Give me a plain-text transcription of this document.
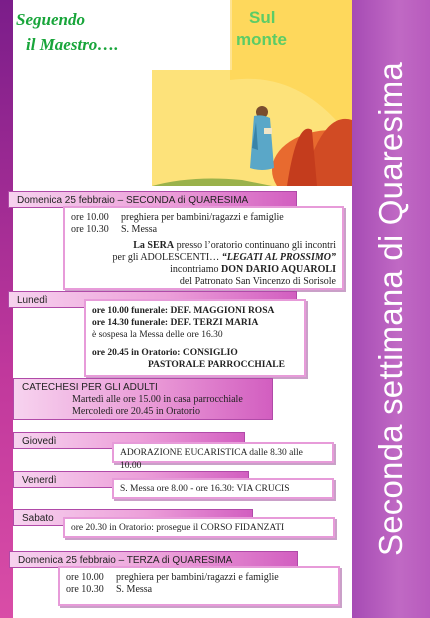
Seconda settimana di Quaresima
Seguendo
il Maestro….
Sul
monte
Domenica 25 febbraio – SECONDA di QUARESIMA
ore 10.00	preghiera per bambini/ragazzi e famiglie
ore 10.30	S. Messa
La SERA presso l’oratorio continuano gli incontri
per gli ADOLESCENTI… “LEGATI AL PROSSIMO”
incontriamo DON DARIO AQUAROLI
del Patronato San Vincenzo di Sorisole
Lunedì
ore 10.00 funerale: DEF. MAGGIONI ROSA
ore 14.30 funerale: DEF. TERZI MARIA
è sospesa la Messa delle ore 16.30
ore 20.45 in Oratorio: CONSIGLIO
PASTORALE PARROCCHIALE
CATECHESI PER GLI ADULTI
Martedì alle ore 15.00 in casa parrocchiale
Mercoledì ore 20.45 in Oratorio
Giovedì
ADORAZIONE EUCARISTICA dalle 8.30 alle 10.00
Venerdì
S. Messa ore 8.00 - ore 16.30: VIA CRUCIS
Sabato
ore 20.30 in Oratorio: prosegue il CORSO FIDANZATI
Domenica 25 febbraio – TERZA di QUARESIMA
ore 10.00	preghiera per bambini/ragazzi e famiglie
ore 10.30	S. Messa
